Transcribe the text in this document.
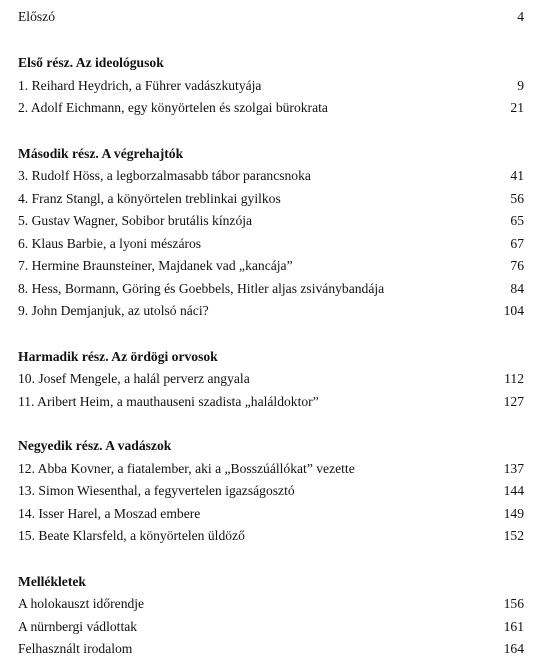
Előszó	4
Első rész. Az ideológusok
1. Reihard Heydrich, a Führer vadászkutyája	9
2. Adolf Eichmann, egy könyörtelen és szolgai bürokrata	21
Második rész. A végrehajtók
3. Rudolf Höss, a legborzalmasabb tábor parancsnoka	41
4. Franz Stangl, a könyörtelen treblinkai gyilkos	56
5. Gustav Wagner, Sobibor brutális kínzója	65
6. Klaus Barbie, a lyoni mészáros	67
7. Hermine Braunsteiner, Majdanek vad „kancája”	76
8. Hess, Bormann, Göring és Goebbels, Hitler aljas zsiványbandája	84
9. John Demjanjuk, az utolsó náci?	104
Harmadik rész. Az ördögi orvosok
10. Josef Mengele, a halál perverz angyala	112
11. Aribert Heim, a mauthauseni szadista „haláldoktor”	127
Negyedik rész. A vadászok
12. Abba Kovner, a fiatalember, aki a „Bosszúállókat” vezette	137
13. Simon Wiesenthal, a fegyvertelen igazságosztó	144
14. Isser Harel, a Moszad embere	149
15. Beate Klarsfeld, a könyörtelen üldöző	152
Mellékletek
A holokauszt időrendje	156
A nürnbergi vádlottak	161
Felhasznált irodalom	164
